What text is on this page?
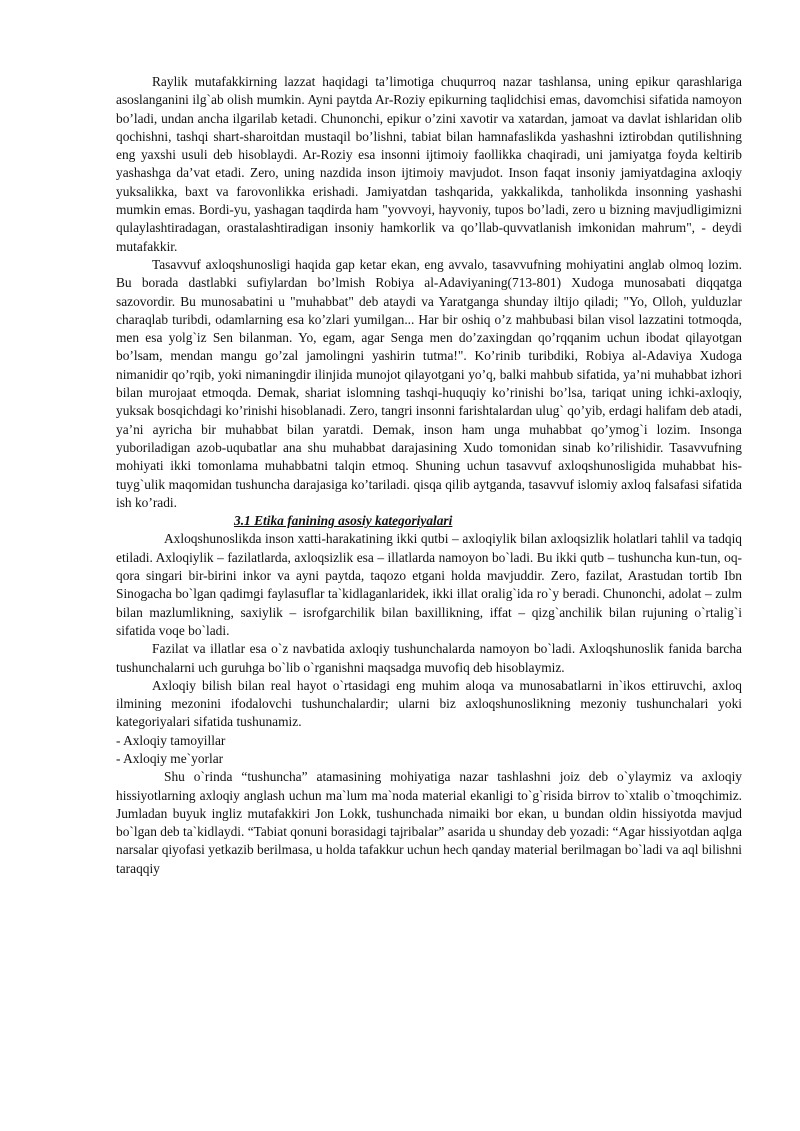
Raylik mutafakkirning lazzat haqidagi ta’limotiga chuqurroq nazar tashlansa, uning epikur qarashlariga asoslanganini ilg`ab olish mumkin. Ayni paytda Ar-Roziy epikurning taqlidchisi emas, davomchisi sifatida namoyon bo’ladi, undan ancha ilgarilab ketadi. Chunonchi, epikur o’zini xavotir va xatardan, jamoat va davlat ishlaridan olib qochishni, tashqi shart-sharoitdan mustaqil bo’lishni, tabiat bilan hamnafaslikda yashashni iztirobdan qutilishning eng yaxshi usuli deb hisoblaydi. Ar-Roziy esa insonni ijtimoiy faollikka chaqiradi, uni jamiyatga foyda keltirib yashashga da’vat etadi. Zero, uning nazdida inson ijtimoiy mavjudot. Inson faqat insoniy jamiyatdagina axloqiy yuksalikka, baxt va farovonlikka erishadi. Jamiyatdan tashqarida, yakkalikda, tanholikda insonning yashashi mumkin emas. Bordi-yu, yashagan taqdirda ham "yovvoyi, hayvoniy, tupos bo’ladi, zero u bizning mavjudligimizni qulaylashtiradagan, orastalashtiradigan insoniy hamkorlik va qo’llab-quvvatlanish imkonidan mahrum", - deydi mutafakkir.

Tasavvuf axloqshunosligi haqida gap ketar ekan, eng avvalo, tasavvufning mohiyatini anglab olmoq lozim. Bu borada dastlabki sufiylardan bo’lmish Robiya al-Adaviyaning(713-801) Xudoga munosabati diqqatga sazovordir. Bu munosabatini u "muhabbat" deb ataydi va Yaratganga shunday iltijo qiladi; "Yo, Olloh, yulduzlar charaqlab turibdi, odamlarning esa ko’zlari yumilgan... Har bir oshiq o’z mahbubasi bilan visol lazzatini totmoqda, men esa yolg`iz Sen bilanman. Yo, egam, agar Senga men do’zaxingdan qo’rqqanim uchun ibodat qilayotgan bo’lsam, mendan mangu go’zal jamolingni yashirin tutma!". Ko’rinib turibdiki, Robiya al-Adaviya Xudoga nimanidir qo’rqib, yoki nimaningdir ilinjida munojot qilayotgani yo’q, balki mahbub sifatida, ya’ni muhabbat izhori bilan murojaat etmoqda. Demak, shariat islomning tashqi-huquqiy ko’rinishi bo’lsa, tariqat uning ichki-axloqiy, yuksak bosqichdagi ko’rinishi hisoblanadi. Zero, tangri insonni farishtalardan ulug` qo’yib, erdagi halifam deb atadi, ya’ni ayricha bir muhabbat bilan yaratdi. Demak, inson ham unga muhabbat qo’ymog`i lozim. Insonga yuboriladigan azob-uqubatlar ana shu muhabbat darajasining Xudo tomonidan sinab ko’rilishidir. Tasavvufning mohiyati ikki tomonlama muhabbatni talqin etmoq. Shuning uchun tasavvuf axloqshunosligida muhabbat his-tuyg`ulik maqomidan tushuncha darajasiga ko’tariladi. qisqa qilib aytganda, tasavvuf islomiy axloq falsafasi sifatida ish ko’radi.

3.1 Etika fanining asosiy kategoriyalari

Axloqshunoslikda inson xatti-harakatining ikki qutbi – axloqiylik bilan axloqsizlik holatlari tahlil va tadqiq etiladi. Axloqiylik – fazilatlarda, axloqsizlik esa – illatlarda namoyon bo`ladi. Bu ikki qutb – tushuncha kun-tun, oq-qora singari bir-birini inkor va ayni paytda, taqozo etgani holda mavjuddir. Zero, fazilat, Arastudan tortib Ibn Sinogacha bo`lgan qadimgi faylasuflar ta`kidlaganlaridek, ikki illat oralig`ida ro`y beradi. Chunonchi, adolat – zulm bilan mazlumlikning, saxiylik – isrofgarchilik bilan baxillikning, iffat – qizg`anchilik bilan rujuning o`rtalig`i sifatida voqe bo`ladi.

Fazilat va illatlar esa o`z navbatida axloqiy tushunchalarda namoyon bo`ladi. Axloqshunoslik fanida barcha tushunchalarni uch guruhga bo`lib o`rganishni maqsadga muvofiq deb hisoblaymiz.

Axloqiy bilish bilan real hayot o`rtasidagi eng muhim aloqa va munosabatlarni in`ikos ettiruvchi, axloq ilmining mezonini ifodalovchi tushunchalardir; ularni biz axloqshunoslikning mezoniy tushunchalari yoki kategoriyalari sifatida tushunamiz.

- Axloqiy tamoyillar

- Axloqiy me`yorlar

Shu o`rinda “tushuncha” atamasining mohiyatiga nazar tashlashni joiz deb o`ylaymiz va axloqiy hissiyotlarning axloqiy anglash uchun ma`lum ma`noda material ekanligi to`g`risida birrov to`xtalib o`tmoqchimiz. Jumladan buyuk ingliz mutafakkiri Jon Lokk, tushunchada nimaiki bor ekan, u bundan oldin hissiyotda mavjud bo`lgan deb ta`kidlaydi. “Tabiat qonuni borasidagi tajribalar” asarida u shunday deb yozadi: “Agar hissiyotdan aqlga narsalar qiyofasi yetkazib berilmasa, u holda tafakkur uchun hech qanday material berilmagan bo`ladi va aql bilishni taraqqiy
